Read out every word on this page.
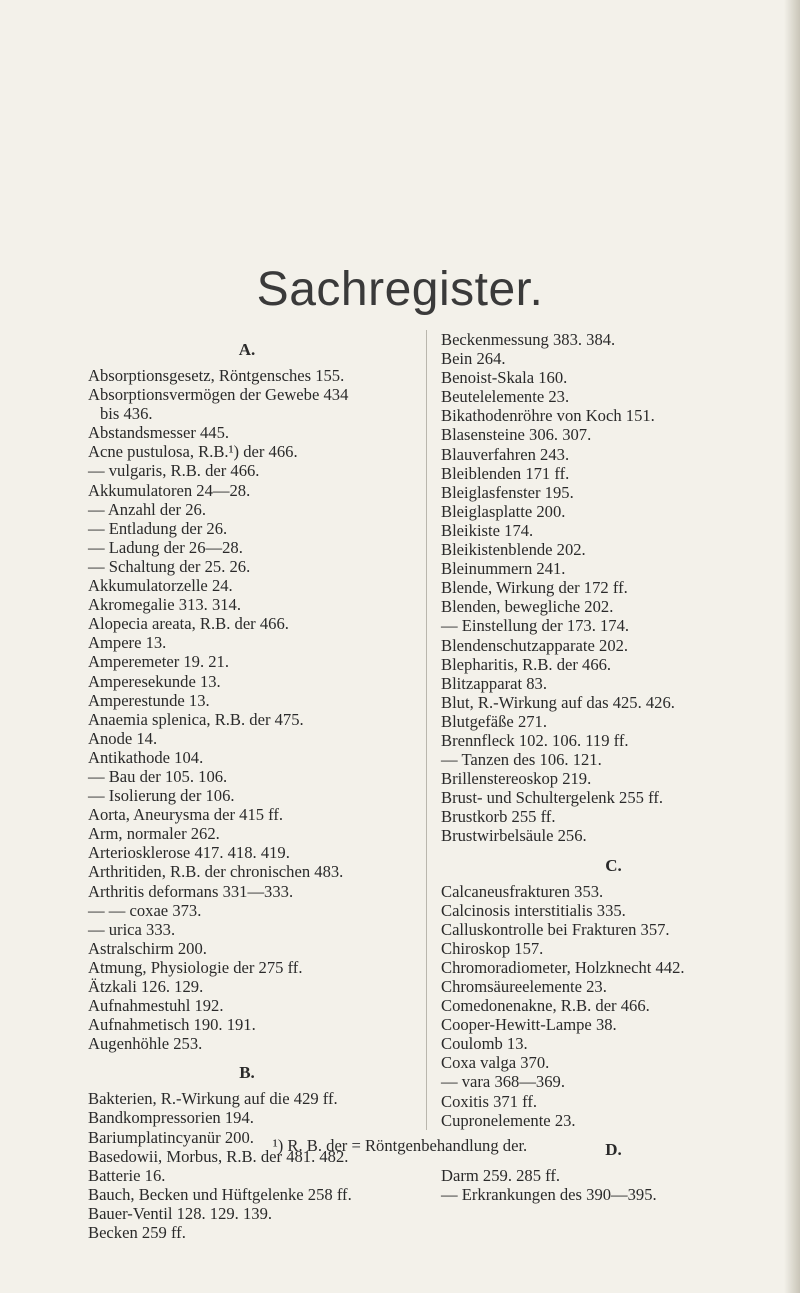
Sachregister.
A.
Absorptionsgesetz, Röntgensches 155.
Absorptionsvermögen der Gewebe 434
bis 436.
Abstandsmesser 445.
Acne pustulosa, R.B.¹) der 466.
— vulgaris, R.B. der 466.
Akkumulatoren 24—28.
— Anzahl der 26.
— Entladung der 26.
— Ladung der 26—28.
— Schaltung der 25. 26.
Akkumulatorzelle 24.
Akromegalie 313. 314.
Alopecia areata, R.B. der 466.
Ampere 13.
Amperemeter 19. 21.
Amperesekunde 13.
Amperestunde 13.
Anaemia splenica, R.B. der 475.
Anode 14.
Antikathode 104.
— Bau der 105. 106.
— Isolierung der 106.
Aorta, Aneurysma der 415 ff.
Arm, normaler 262.
Arteriosklerose 417. 418. 419.
Arthritiden, R.B. der chronischen 483.
Arthritis deformans 331—333.
— — coxae 373.
— urica 333.
Astralschirm 200.
Atmung, Physiologie der 275 ff.
Ätzkali 126. 129.
Aufnahmestuhl 192.
Aufnahmetisch 190. 191.
Augenhöhle 253.
B.
Bakterien, R.-Wirkung auf die 429 ff.
Bandkompressorien 194.
Bariumplatincyanür 200.
Basedowii, Morbus, R.B. der 481. 482.
Batterie 16.
Bauch, Becken und Hüftgelenke 258 ff.
Bauer-Ventil 128. 129. 139.
Becken 259 ff.
Beckenmessung 383. 384.
Bein 264.
Benoist-Skala 160.
Beutelelemente 23.
Bikathodenröhre von Koch 151.
Blasensteine 306. 307.
Blauverfahren 243.
Bleiblenden 171 ff.
Bleiglasfenster 195.
Bleiglasplatte 200.
Bleikiste 174.
Bleikistenblende 202.
Bleinummern 241.
Blende, Wirkung der 172 ff.
Blenden, bewegliche 202.
— Einstellung der 173. 174.
Blendenschutzapparate 202.
Blepharitis, R.B. der 466.
Blitzapparat 83.
Blut, R.-Wirkung auf das 425. 426.
Blutgefäße 271.
Brennfleck 102. 106. 119 ff.
— Tanzen des 106. 121.
Brillenstereoskop 219.
Brust- und Schultergelenk 255 ff.
Brustkorb 255 ff.
Brustwirbelsäule 256.
C.
Calcaneusfrakturen 353.
Calcinosis interstitialis 335.
Calluskontrolle bei Frakturen 357.
Chiroskop 157.
Chromoradiometer, Holzknecht 442.
Chromsäureelemente 23.
Comedonenakne, R.B. der 466.
Cooper-Hewitt-Lampe 38.
Coulomb 13.
Coxa valga 370.
— vara 368—369.
Coxitis 371 ff.
Cupronelemente 23.
D.
Darm 259. 285 ff.
— Erkrankungen des 390—395.
¹) R. B. der = Röntgenbehandlung der.
